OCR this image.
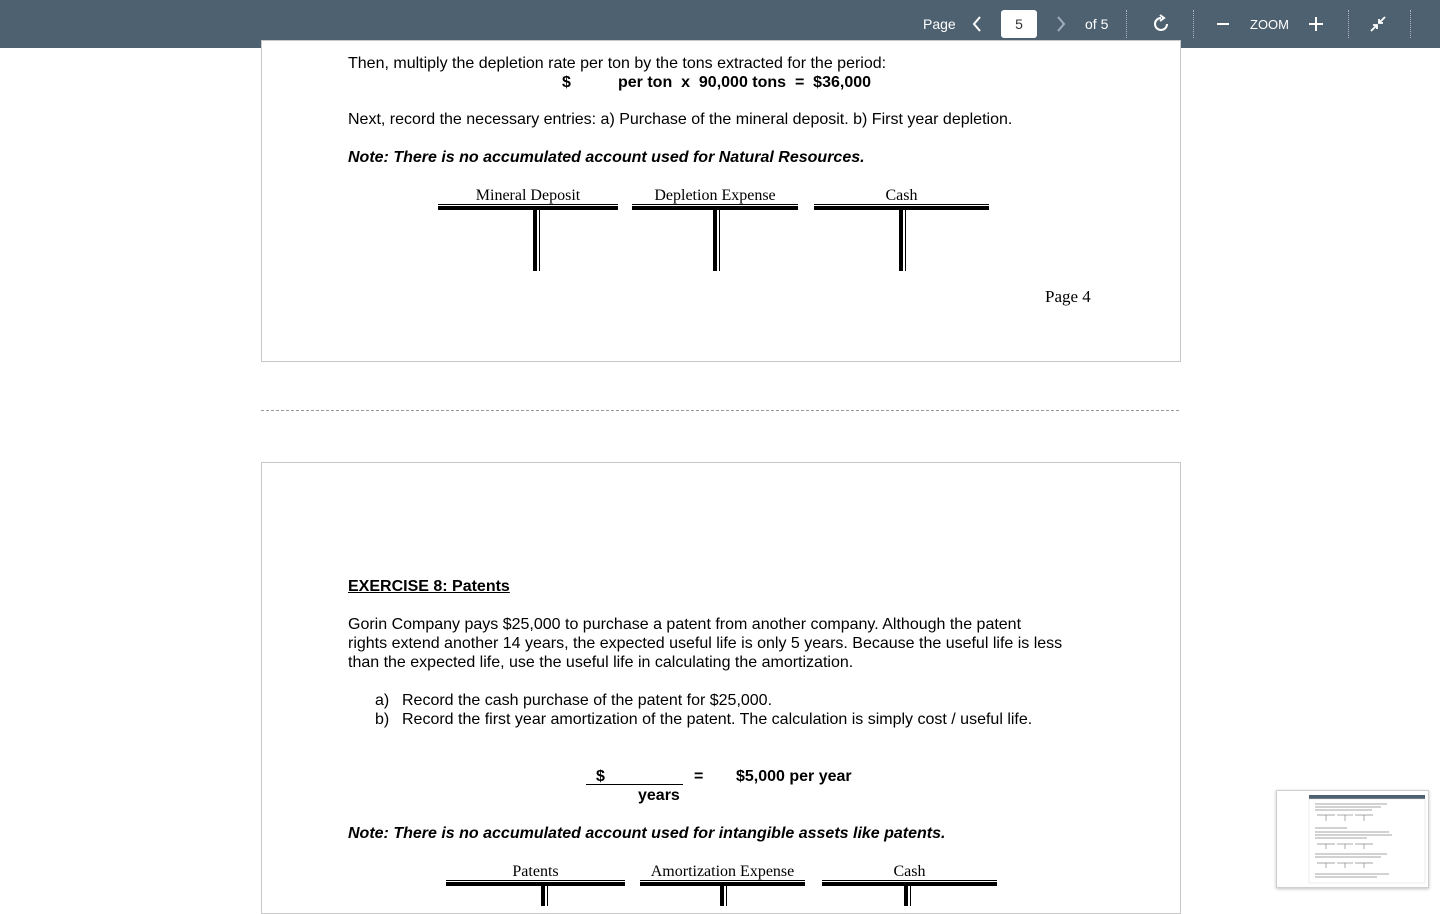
Page
5	of 5	ZOOM
Then, multiply the depletion rate per ton by the tons extracted for the period:
$	per ton  x  90,000 tons  =  $36,000
Next, record the necessary entries: a) Purchase of the mineral deposit. b) First year depletion.
Note: There is no accumulated account used for Natural Resources.
Mineral Deposit	Depletion Expense	Cash
Page 4
EXERCISE 8: Patents
Gorin Company pays $25,000 to purchase a patent from another company. Although the patent
rights extend another 14 years, the expected useful life is only 5 years. Because the useful life is less
than the expected life, use the useful life in calculating the amortization.
a) Record the cash purchase of the patent for $25,000.
b) Record the first year amortization of the patent. The calculation is simply cost / useful life.
$	= $5,000 per year
years
Note: There is no accumulated account used for intangible assets like patents.
Patents	Amortization Expense	Cash
